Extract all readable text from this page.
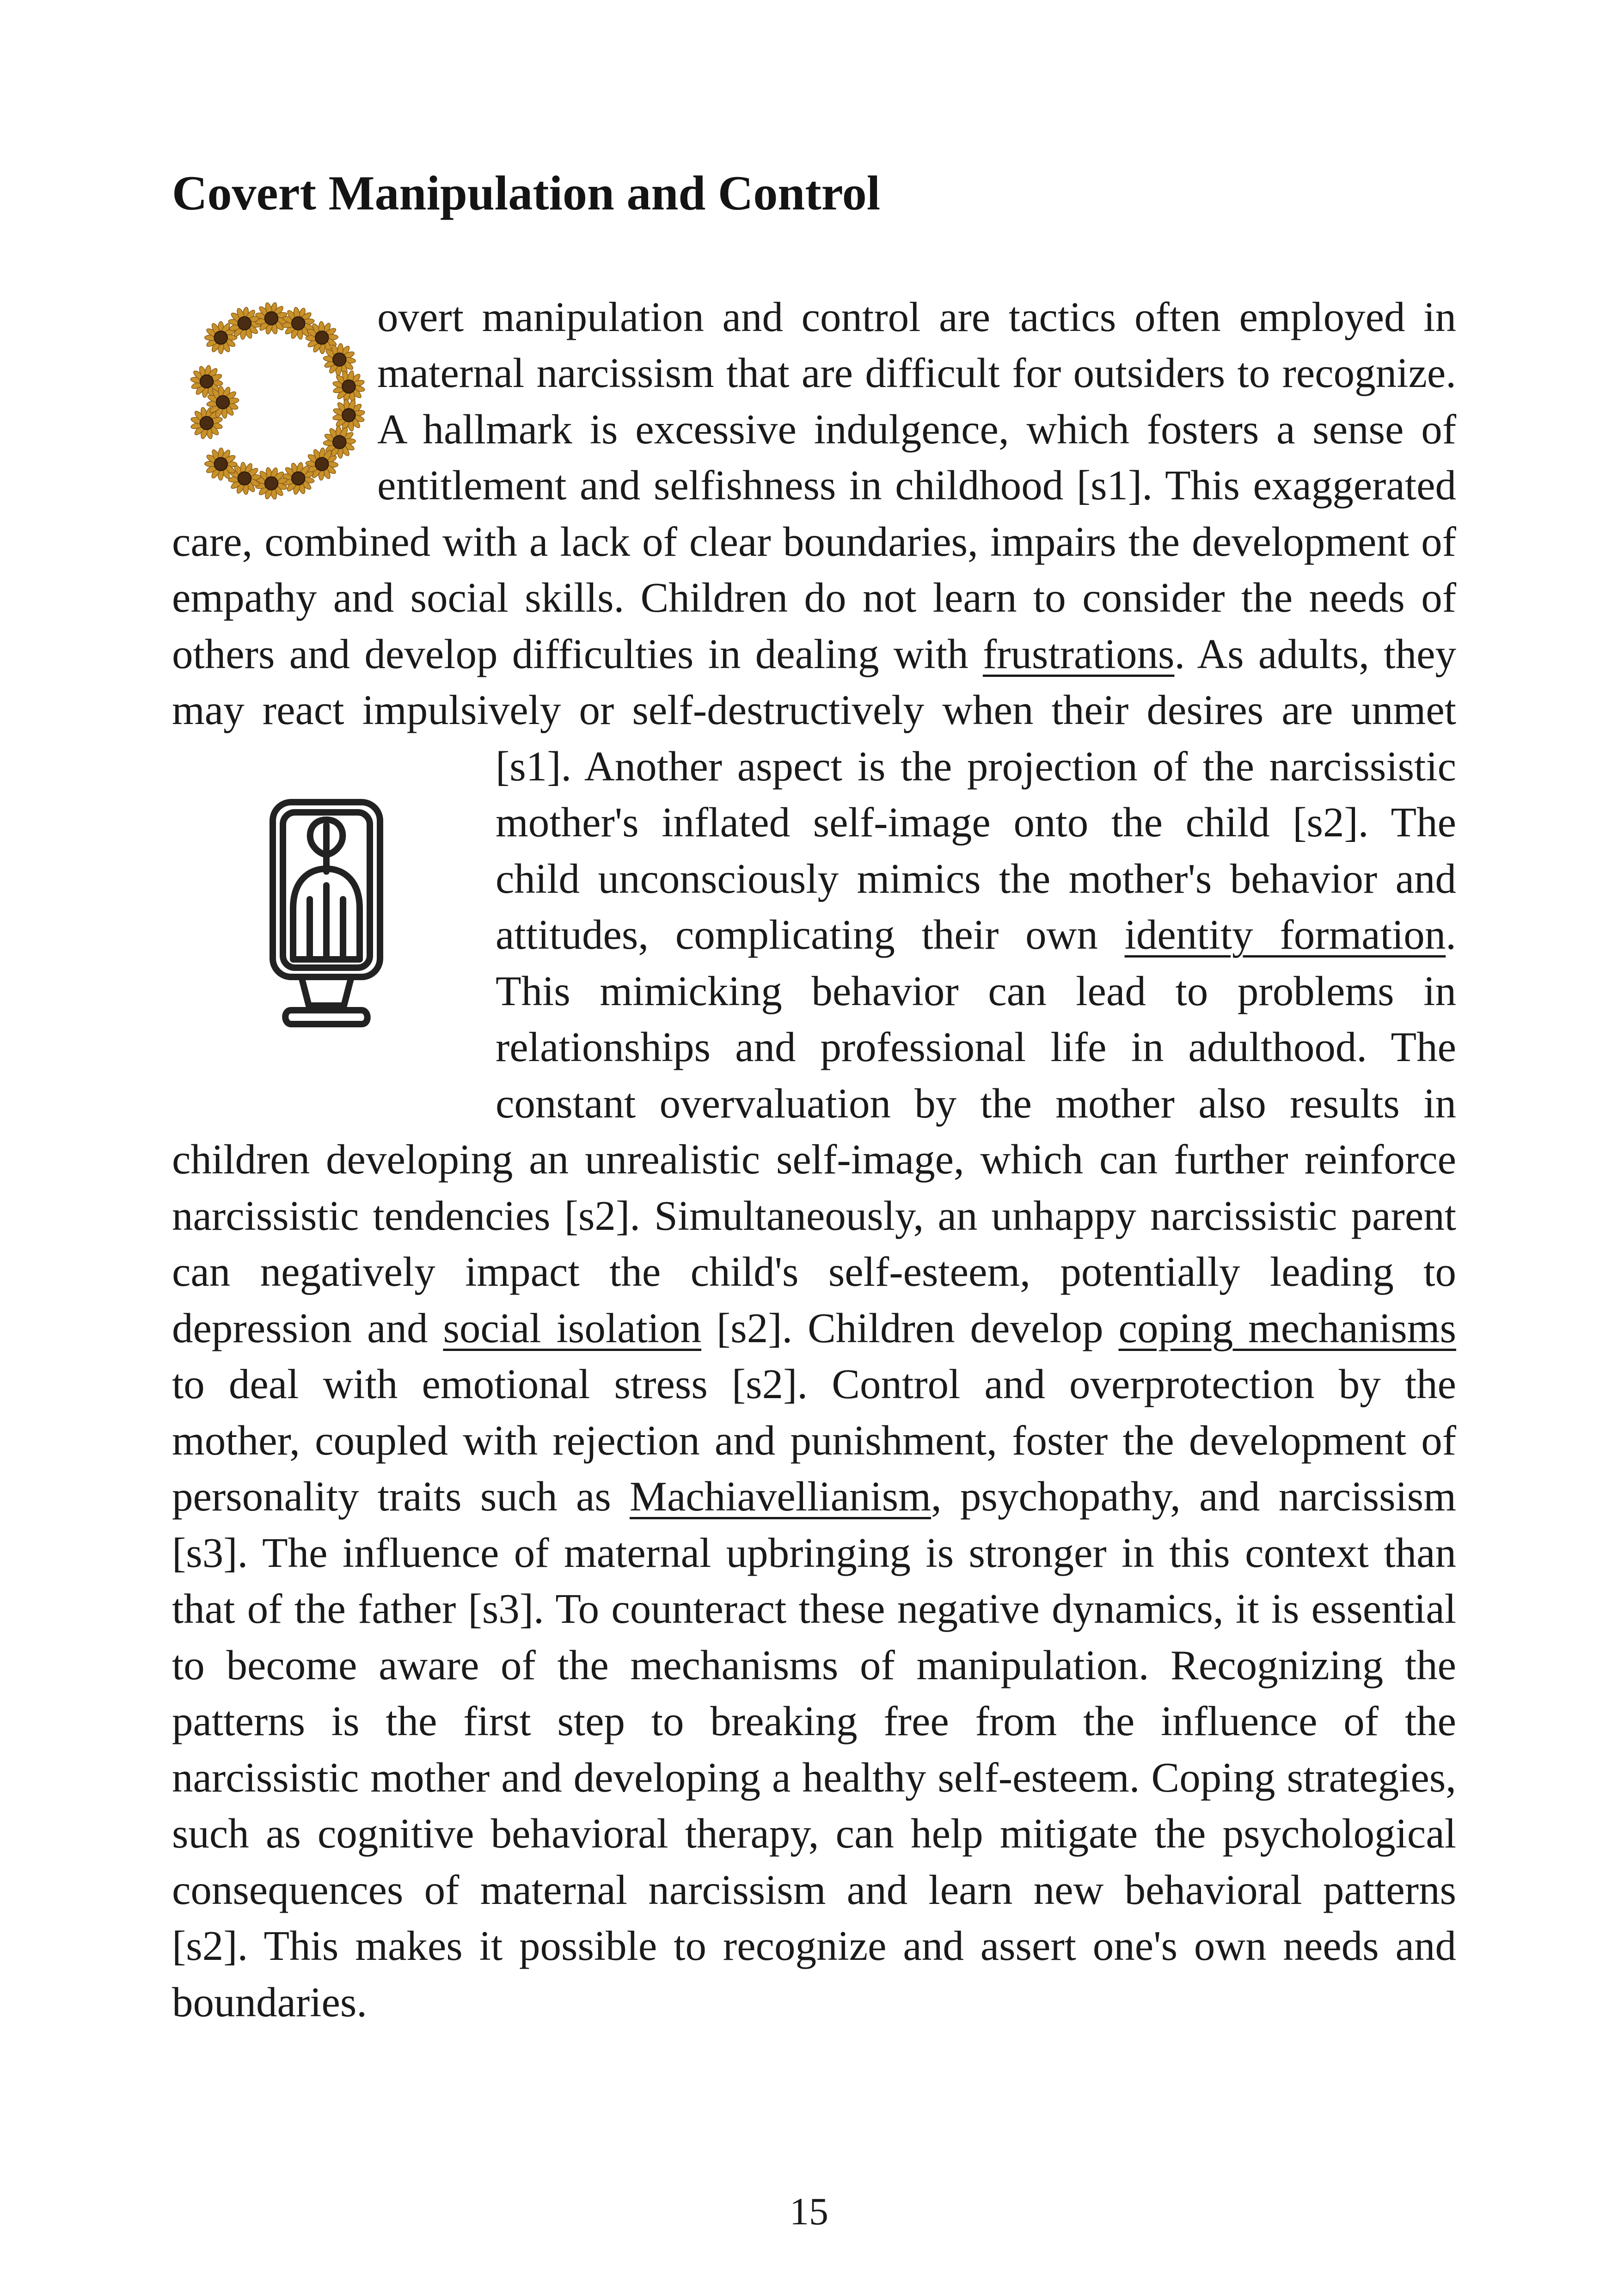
Covert Manipulation and Control
overt manipulation and control are tactics often employed in maternal narcissism that are difficult for outsiders to recognize. A hallmark is excessive indulgence, which fosters a sense of entitlement and selfishness in childhood [s1]. This exaggerated care, combined with a lack of clear boundaries, impairs the development of empathy and social skills. Children do not learn to consider the needs of others and develop difficulties in dealing with frustrations. As adults, they may react impulsively or self-destructively when their desires are unmet [s1]. Another aspect is the projection of the narcissistic mother's inflated self-image onto the child [s2]. The child unconsciously mimics the mother's behavior and attitudes, complicating their own identity formation. This mimicking behavior can lead to problems in relationships and professional life in adulthood. The constant overvaluation by the mother also results in children developing an unrealistic self-image, which can further reinforce narcissistic tendencies [s2]. Simultaneously, an unhappy narcissistic parent can negatively impact the child's self-esteem, potentially leading to depression and social isolation [s2]. Children develop coping mechanisms to deal with emotional stress [s2]. Control and overprotection by the mother, coupled with rejection and punishment, foster the development of personality traits such as Machiavellianism, psychopathy, and narcissism [s3]. The influence of maternal upbringing is stronger in this context than that of the father [s3]. To counteract these negative dynamics, it is essential to become aware of the mechanisms of manipulation. Recognizing the patterns is the first step to breaking free from the influence of the narcissistic mother and developing a healthy self-esteem. Coping strategies, such as cognitive behavioral therapy, can help mitigate the psychological consequences of maternal narcissism and learn new behavioral patterns [s2]. This makes it possible to recognize and assert one's own needs and boundaries.
15
